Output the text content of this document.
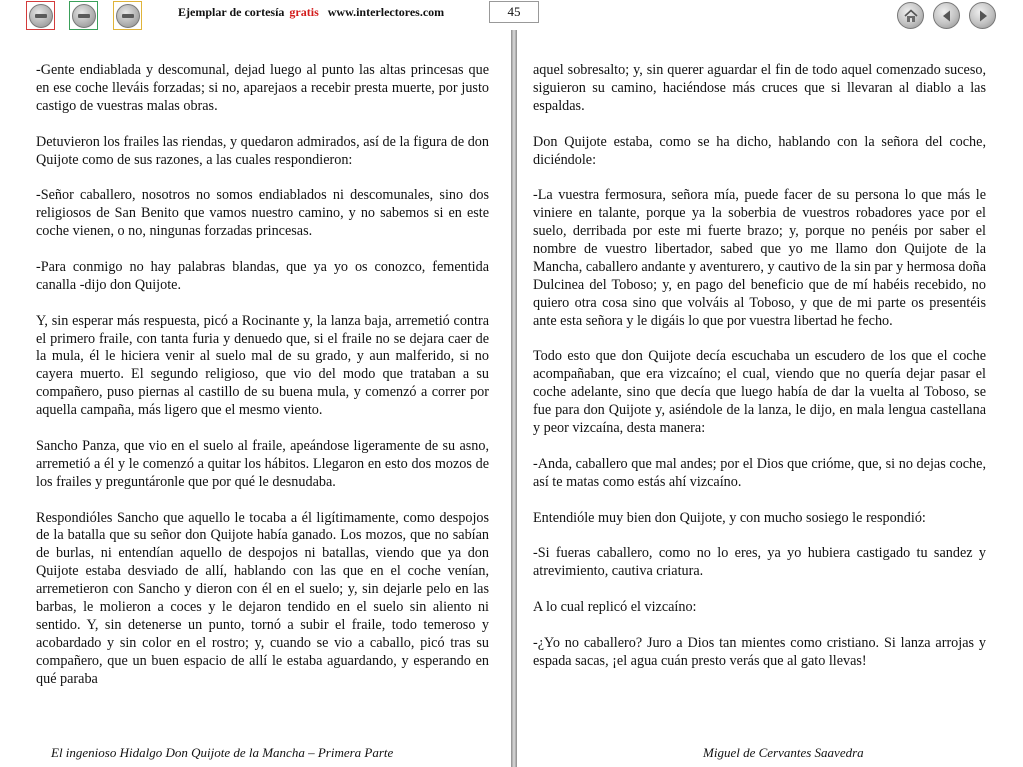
Ejemplar de cortesía gratis www.interlectores.com	45

-Gente endiablada y descomunal, dejad luego al punto las altas princesas que en ese coche lleváis forzadas; si no, aparejaos a recebir presta muerte, por justo castigo de vuestras malas obras.

Detuvieron los frailes las riendas, y quedaron admirados, así de la figura de don Quijote como de sus razones, a las cuales respondieron:

-Señor caballero, nosotros no somos endiablados ni descomunales, sino dos religiosos de San Benito que vamos nuestro camino, y no sabemos si en este coche vienen, o no, ningunas forzadas princesas.

-Para conmigo no hay palabras blandas, que ya yo os conozco, fementida canalla -dijo don Quijote.

Y, sin esperar más respuesta, picó a Rocinante y, la lanza baja, arremetió contra el primero fraile, con tanta furia y denuedo que, si el fraile no se dejara caer de la mula, él le hiciera venir al suelo mal de su grado, y aun malferido, si no cayera muerto. El segundo religioso, que vio del modo que trataban a su compañero, puso piernas al castillo de su buena mula, y comenzó a correr por aquella campaña, más ligero que el mesmo viento.

Sancho Panza, que vio en el suelo al fraile, apeándose ligeramente de su asno, arremetió a él y le comenzó a quitar los hábitos. Llegaron en esto dos mozos de los frailes y preguntáronle que por qué le desnudaba.

Respondióles Sancho que aquello le tocaba a él ligítimamente, como despojos de la batalla que su señor don Quijote había ganado. Los mozos, que no sabían de burlas, ni entendían aquello de despojos ni batallas, viendo que ya don Quijote estaba desviado de allí, hablando con las que en el coche venían, arremetieron con Sancho y dieron con él en el suelo; y, sin dejarle pelo en las barbas, le molieron a coces y le dejaron tendido en el suelo sin aliento ni sentido. Y, sin detenerse un punto, tornó a subir el fraile, todo temeroso y acobardado y sin color en el rostro; y, cuando se vio a caballo, picó tras su compañero, que un buen espacio de allí le estaba aguardando, y esperando en qué paraba

aquel sobresalto; y, sin querer aguardar el fin de todo aquel comenzado suceso, siguieron su camino, haciéndose más cruces que si llevaran al diablo a las espaldas.

Don Quijote estaba, como se ha dicho, hablando con la señora del coche, diciéndole:

-La vuestra fermosura, señora mía, puede facer de su persona lo que más le viniere en talante, porque ya la soberbia de vuestros robadores yace por el suelo, derribada por este mi fuerte brazo; y, porque no penéis por saber el nombre de vuestro libertador, sabed que yo me llamo don Quijote de la Mancha, caballero andante y aventurero, y cautivo de la sin par y hermosa doña Dulcinea del Toboso; y, en pago del beneficio que de mí habéis recebido, no quiero otra cosa sino que volváis al Toboso, y que de mi parte os presentéis ante esta señora y le digáis lo que por vuestra libertad he fecho.

Todo esto que don Quijote decía escuchaba un escudero de los que el coche acompañaban, que era vizcaíno; el cual, viendo que no quería dejar pasar el coche adelante, sino que decía que luego había de dar la vuelta al Toboso, se fue para don Quijote y, asiéndole de la lanza, le dijo, en mala lengua castellana y peor vizcaína, desta manera:

-Anda, caballero que mal andes; por el Dios que crióme, que, si no dejas coche, así te matas como estás ahí vizcaíno.

Entendióle muy bien don Quijote, y con mucho sosiego le respondió:

-Si fueras caballero, como no lo eres, ya yo hubiera castigado tu sandez y atrevimiento, cautiva criatura.

A lo cual replicó el vizcaíno:

-¿Yo no caballero? Juro a Dios tan mientes como cristiano. Si lanza arrojas y espada sacas, ¡el agua cuán presto verás que al gato llevas!

El ingenioso Hidalgo Don Quijote de la Mancha – Primera Parte	Miguel de Cervantes Saavedra
